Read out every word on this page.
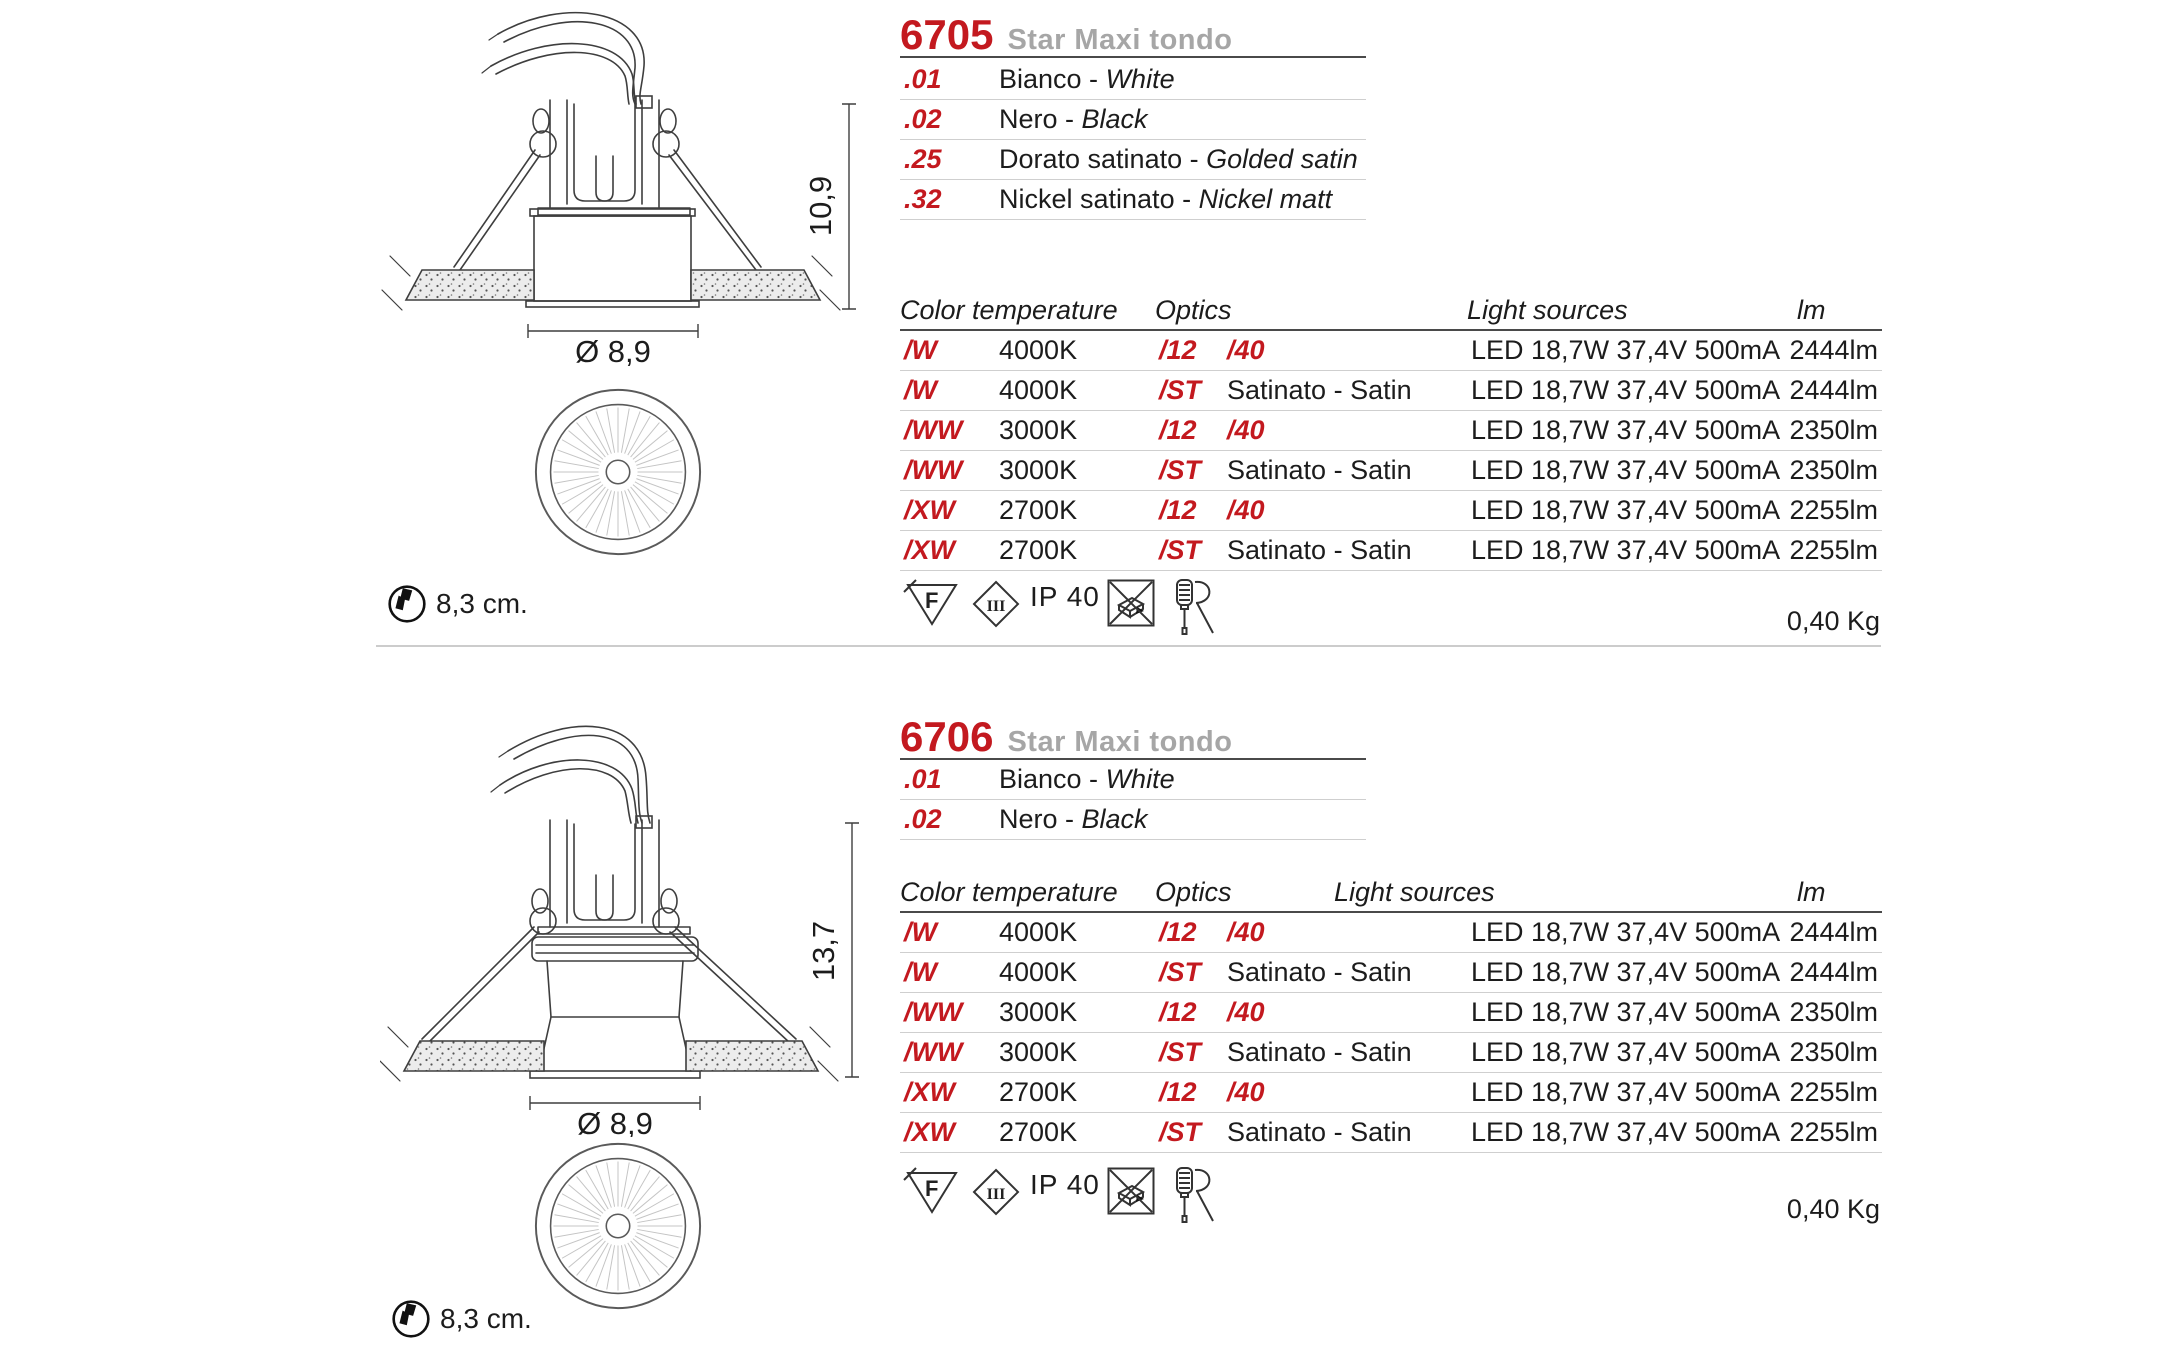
10,9
Ø 8,9
8,3 cm.
6705 Star Maxi tondo
.01	Bianco - White
.02	Nero - Black
.25	Dorato satinato - Golded satin
.32	Nickel satinato - Nickel matt
Color temperature Optics	Light sources	lm
/W	4000K	/12	/40	LED 18,7W 37,4V 500mA 2444lm
/W	4000K	/ST Satinato - Satin	LED 18,7W 37,4V 500mA 2444lm
/WW	3000K	/12	/40	LED 18,7W 37,4V 500mA 2350lm
/WW	3000K	/ST Satinato - Satin	LED 18,7W 37,4V 500mA 2350lm
/XW	2700K	/12	/40	LED 18,7W 37,4V 500mA 2255lm
/XW	2700K	/ST Satinato - Satin	LED 18,7W 37,4V 500mA 2255lm
F	III IP 40
0,40 Kg
13,7
Ø 8,9
8,3 cm.
6706 Star Maxi tondo
.01	Bianco - White
.02	Nero - Black
Color temperature Optics	Light sources	lm
/W	4000K	/12	/40	LED 18,7W 37,4V 500mA 2444lm
/W	4000K	/ST Satinato - Satin	LED 18,7W 37,4V 500mA 2444lm
/WW	3000K	/12	/40	LED 18,7W 37,4V 500mA 2350lm
/WW	3000K	/ST Satinato - Satin	LED 18,7W 37,4V 500mA 2350lm
/XW	2700K	/12	/40	LED 18,7W 37,4V 500mA 2255lm
/XW	2700K	/ST Satinato - Satin	LED 18,7W 37,4V 500mA 2255lm
F	III IP 40
0,40 Kg
